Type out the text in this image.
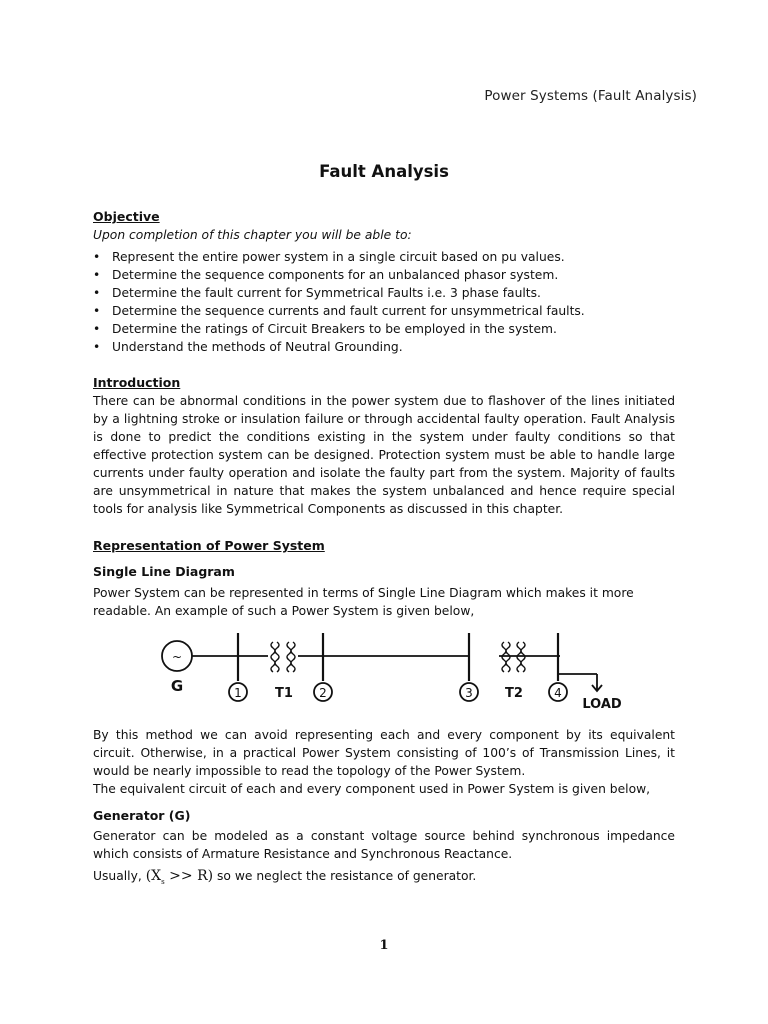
Power Systems (Fault Analysis)
Fault Analysis
Objective
Upon completion of this chapter you will be able to:
• Represent the entire power system in a single circuit based on pu values.
• Determine the sequence components for an unbalanced phasor system.
• Determine the fault current for Symmetrical Faults i.e. 3 phase faults.
• Determine the sequence currents and fault current for unsymmetrical faults.
• Determine the ratings of Circuit Breakers to be employed in the system.
• Understand the methods of Neutral Grounding.
Introduction
There can be abnormal conditions in the power system due to flashover of the lines initiated by a lightning stroke or insulation failure or through accidental faulty operation. Fault Analysis is done to predict the conditions existing in the system under faulty conditions so that effective protection system can be designed. Protection system must be able to handle large currents under faulty operation and isolate the faulty part from the system. Majority of faults are unsymmetrical in nature that makes the system unbalanced and hence require special tools for analysis like Symmetrical Components as discussed in this chapter.
Representation of Power System
Single Line Diagram
Power System can be represented in terms of Single Line Diagram which makes it more readable. An example of such a Power System is given below,
~
G	1	2	3	4
T1	T2
LOAD
By this method we can avoid representing each and every component by its equivalent circuit. Otherwise, in a practical Power System consisting of 100’s of Transmission Lines, it would be nearly impossible to read the topology of the Power System.
The equivalent circuit of each and every component used in Power System is given below,
Generator (G)
Generator can be modeled as a constant voltage source behind synchronous impedance which consists of Armature Resistance and Synchronous Reactance.
Usually, $(X_s >> R)$ so we neglect the resistance of generator.
1
